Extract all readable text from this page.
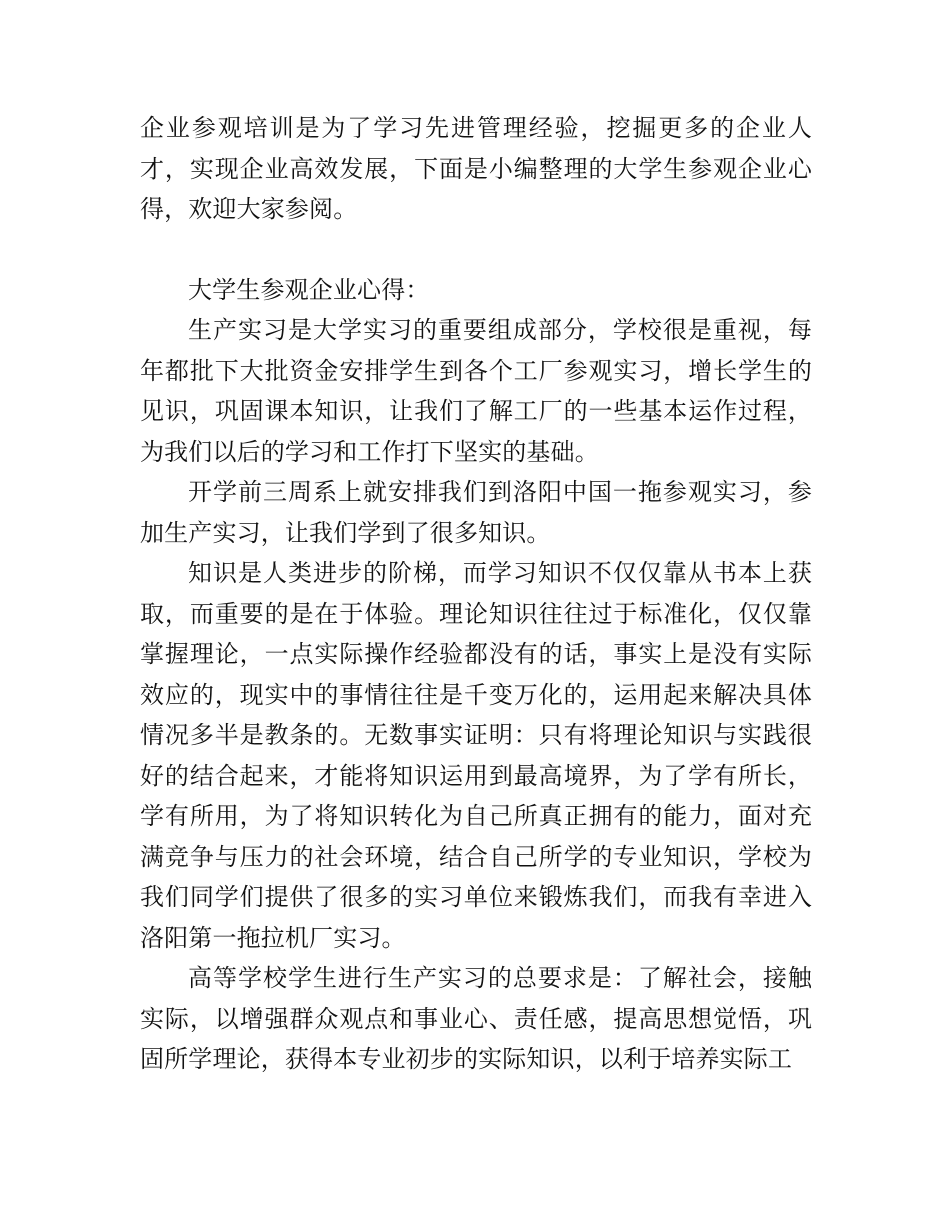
企业参观培训是为了学习先进管理经验，挖掘更多的企业人才，实现企业高效发展，下面是小编整理的大学生参观企业心得，欢迎大家参阅。

大学生参观企业心得：

生产实习是大学实习的重要组成部分，学校很是重视，每年都批下大批资金安排学生到各个工厂参观实习，增长学生的见识，巩固课本知识，让我们了解工厂的一些基本运作过程，为我们以后的学习和工作打下坚实的基础。

开学前三周系上就安排我们到洛阳中国一拖参观实习，参加生产实习，让我们学到了很多知识。

知识是人类进步的阶梯，而学习知识不仅仅靠从书本上获取，而重要的是在于体验。理论知识往往过于标准化，仅仅靠掌握理论，一点实际操作经验都没有的话，事实上是没有实际效应的，现实中的事情往往是千变万化的，运用起来解决具体情况多半是教条的。无数事实证明：只有将理论知识与实践很好的结合起来，才能将知识运用到最高境界，为了学有所长，学有所用，为了将知识转化为自己所真正拥有的能力，面对充满竞争与压力的社会环境，结合自己所学的专业知识，学校为我们同学们提供了很多的实习单位来锻炼我们，而我有幸进入洛阳第一拖拉机厂实习。

高等学校学生进行生产实习的总要求是：了解社会，接触实际，以增强群众观点和事业心、责任感，提高思想觉悟，巩固所学理论，获得本专业初步的实际知识，以利于培养实际工
